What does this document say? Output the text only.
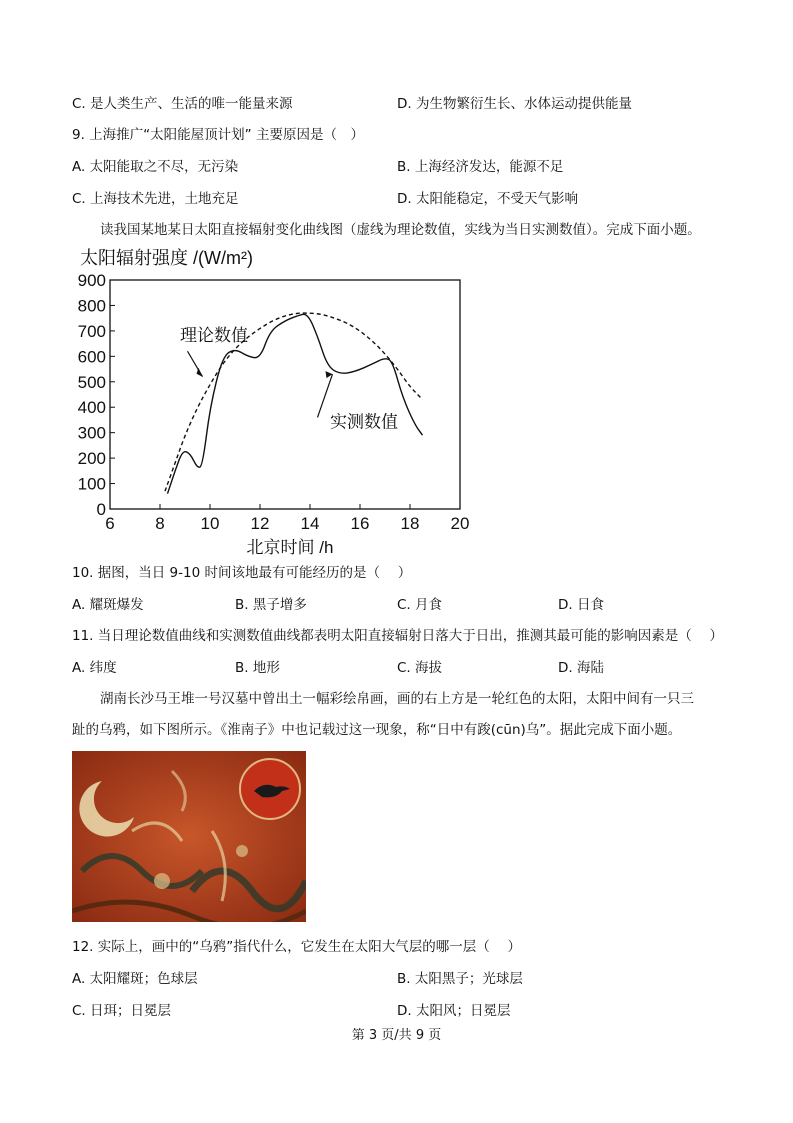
C. 是人类生产、生活的唯一能量来源	D. 为生物繁衍生长、水体运动提供能量
9. 上海推广“太阳能屋顶计划” 主要原因是（　）
A. 太阳能取之不尽，无污染	B. 上海经济发达，能源不足
C. 上海技术先进，土地充足	D. 太阳能稳定，不受天气影响
读我国某地某日太阳直接辐射变化曲线图（虚线为理论数值，实线为当日实测数值）。完成下面小题。
太阳辐射强度 /(W/m²)
北京时间 /h
0
100
200
300
400
500
600
700
800
900
6 8 10 12 14 16 18 20
理论数值
实测数值
10. 据图，当日 9-10 时间该地最有可能经历的是（　 ）
A. 耀斑爆发	B. 黑子增多	C. 月食	D. 日食
11. 当日理论数值曲线和实测数值曲线都表明太阳直接辐射日落大于日出，推测其最可能的影响因素是（　 ）
A. 纬度	B. 地形	C. 海拔	D. 海陆
湖南长沙马王堆一号汉墓中曾出土一幅彩绘帛画，画的右上方是一轮红色的太阳，太阳中间有一只三
趾的乌鸦，如下图所示。《淮南子》中也记载过这一现象，称“日中有踆(cūn)乌”。据此完成下面小题。
12. 实际上，画中的“乌鸦”指代什么，它发生在太阳大气层的哪一层（　 ）
A. 太阳耀斑；色球层	B. 太阳黑子；光球层
C. 日珥；日冕层	D. 太阳风；日冕层
第 3 页/共 9 页
